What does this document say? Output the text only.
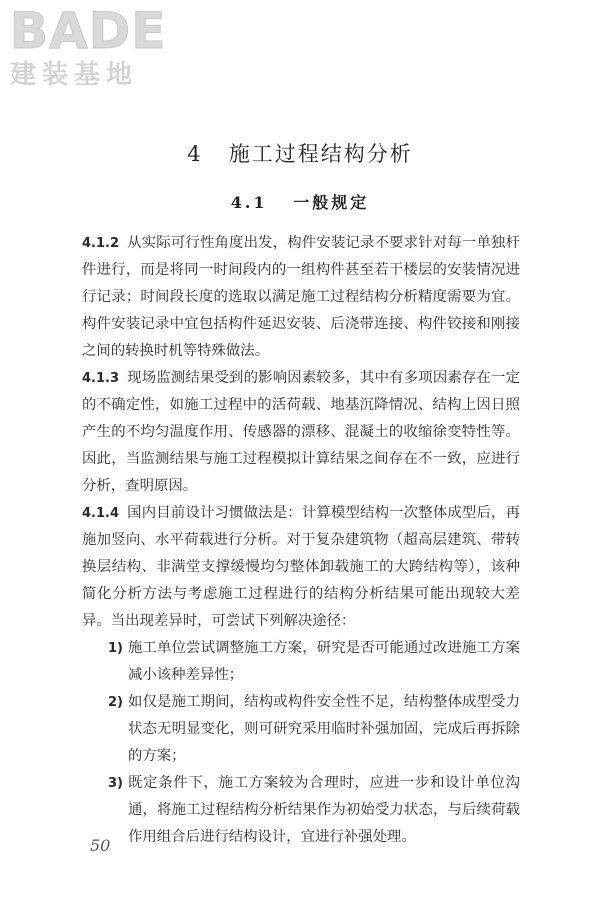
BADE
建装基地
4 施工过程结构分析
4.1 一般规定

4.1.2 从实际可行性角度出发，构件安装记录不要求针对每一单独杆件进行，而是将同一时间段内的一组构件甚至若干楼层的安装情况进行记录；时间段长度的选取以满足施工过程结构分析精度需要为宜。构件安装记录中宜包括构件延迟安装、后浇带连接、构件铰接和刚接之间的转换时机等特殊做法。

4.1.3 现场监测结果受到的影响因素较多，其中有多项因素存在一定的不确定性，如施工过程中的活荷载、地基沉降情况、结构上因日照产生的不均匀温度作用、传感器的漂移、混凝土的收缩徐变特性等。因此，当监测结果与施工过程模拟计算结果之间存在不一致，应进行分析，查明原因。

4.1.4 国内目前设计习惯做法是：计算模型结构一次整体成型后，再施加竖向、水平荷载进行分析。对于复杂建筑物（超高层建筑、带转换层结构、非满堂支撑缓慢均匀整体卸载施工的大跨结构等），该种简化分析方法与考虑施工过程进行的结构分析结果可能出现较大差异。当出现差异时，可尝试下列解决途径：

1) 施工单位尝试调整施工方案，研究是否可能通过改进施工方案减小该种差异性；
2) 如仅是施工期间，结构或构件安全性不足，结构整体成型受力状态无明显变化，则可研究采用临时补强加固，完成后再拆除的方案；
3) 既定条件下，施工方案较为合理时，应进一步和设计单位沟通，将施工过程结构分析结果作为初始受力状态，与后续荷载作用组合后进行结构设计，宜进行补强处理。
50
